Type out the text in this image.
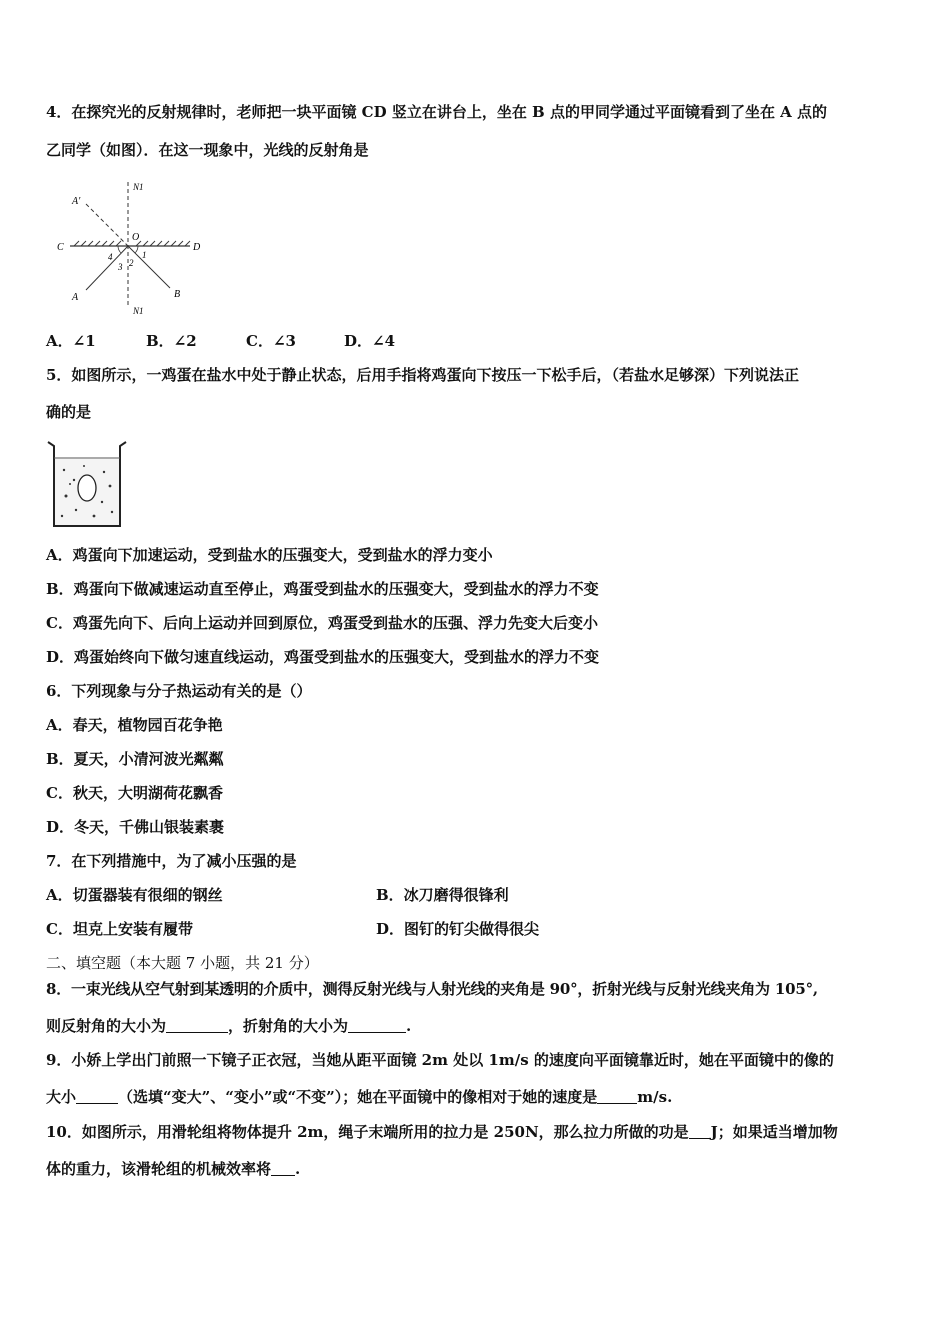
4．在探究光的反射规律时，老师把一块平面镜 CD 竖立在讲台上，坐在 B 点的甲同学通过平面镜看到了坐在 A 点的
乙同学（如图）．在这一现象中，光线的反射角是
N1
N1
A′
O
C	D
A	B
1
2
3
4
A．∠1	B．∠2	C．∠3	D．∠4
5．如图所示，一鸡蛋在盐水中处于静止状态，后用手指将鸡蛋向下按压一下松手后，（若盐水足够深）下列说法正
确的是
A．鸡蛋向下加速运动，受到盐水的压强变大，受到盐水的浮力变小
B．鸡蛋向下做减速运动直至停止，鸡蛋受到盐水的压强变大，受到盐水的浮力不变
C．鸡蛋先向下、后向上运动并回到原位，鸡蛋受到盐水的压强、浮力先变大后变小
D．鸡蛋始终向下做匀速直线运动，鸡蛋受到盐水的压强变大，受到盐水的浮力不变
6．下列现象与分子热运动有关的是（）
A．春天，植物园百花争艳
B．夏天，小清河波光粼粼
C．秋天，大明湖荷花飘香
D．冬天，千佛山银装素裹
7．在下列措施中，为了减小压强的是
A．切蛋器装有很细的钢丝	B．冰刀磨得很锋利
C．坦克上安装有履带	D．图钉的钉尖做得很尖
二、填空题（本大题 7 小题，共 21 分）
8．一束光线从空气射到某透明的介质中，测得反射光线与人射光线的夹角是 90°，折射光线与反射光线夹角为 105°,
则反射角的大小为	，折射角的大小为	.
9．小娇上学出门前照一下镜子正衣冠，当她从距平面镜 2m 处以 1m/s 的速度向平面镜靠近时，她在平面镜中的像的
大小	（选填“变大”、“变小”或“不变”）；她在平面镜中的像相对于她的速度是	m/s.
10．如图所示，用滑轮组将物体提升 2m，绳子末端所用的拉力是 250N，那么拉力所做的功是 J；如果适当增加物
体的重力，该滑轮组的机械效率将 .
